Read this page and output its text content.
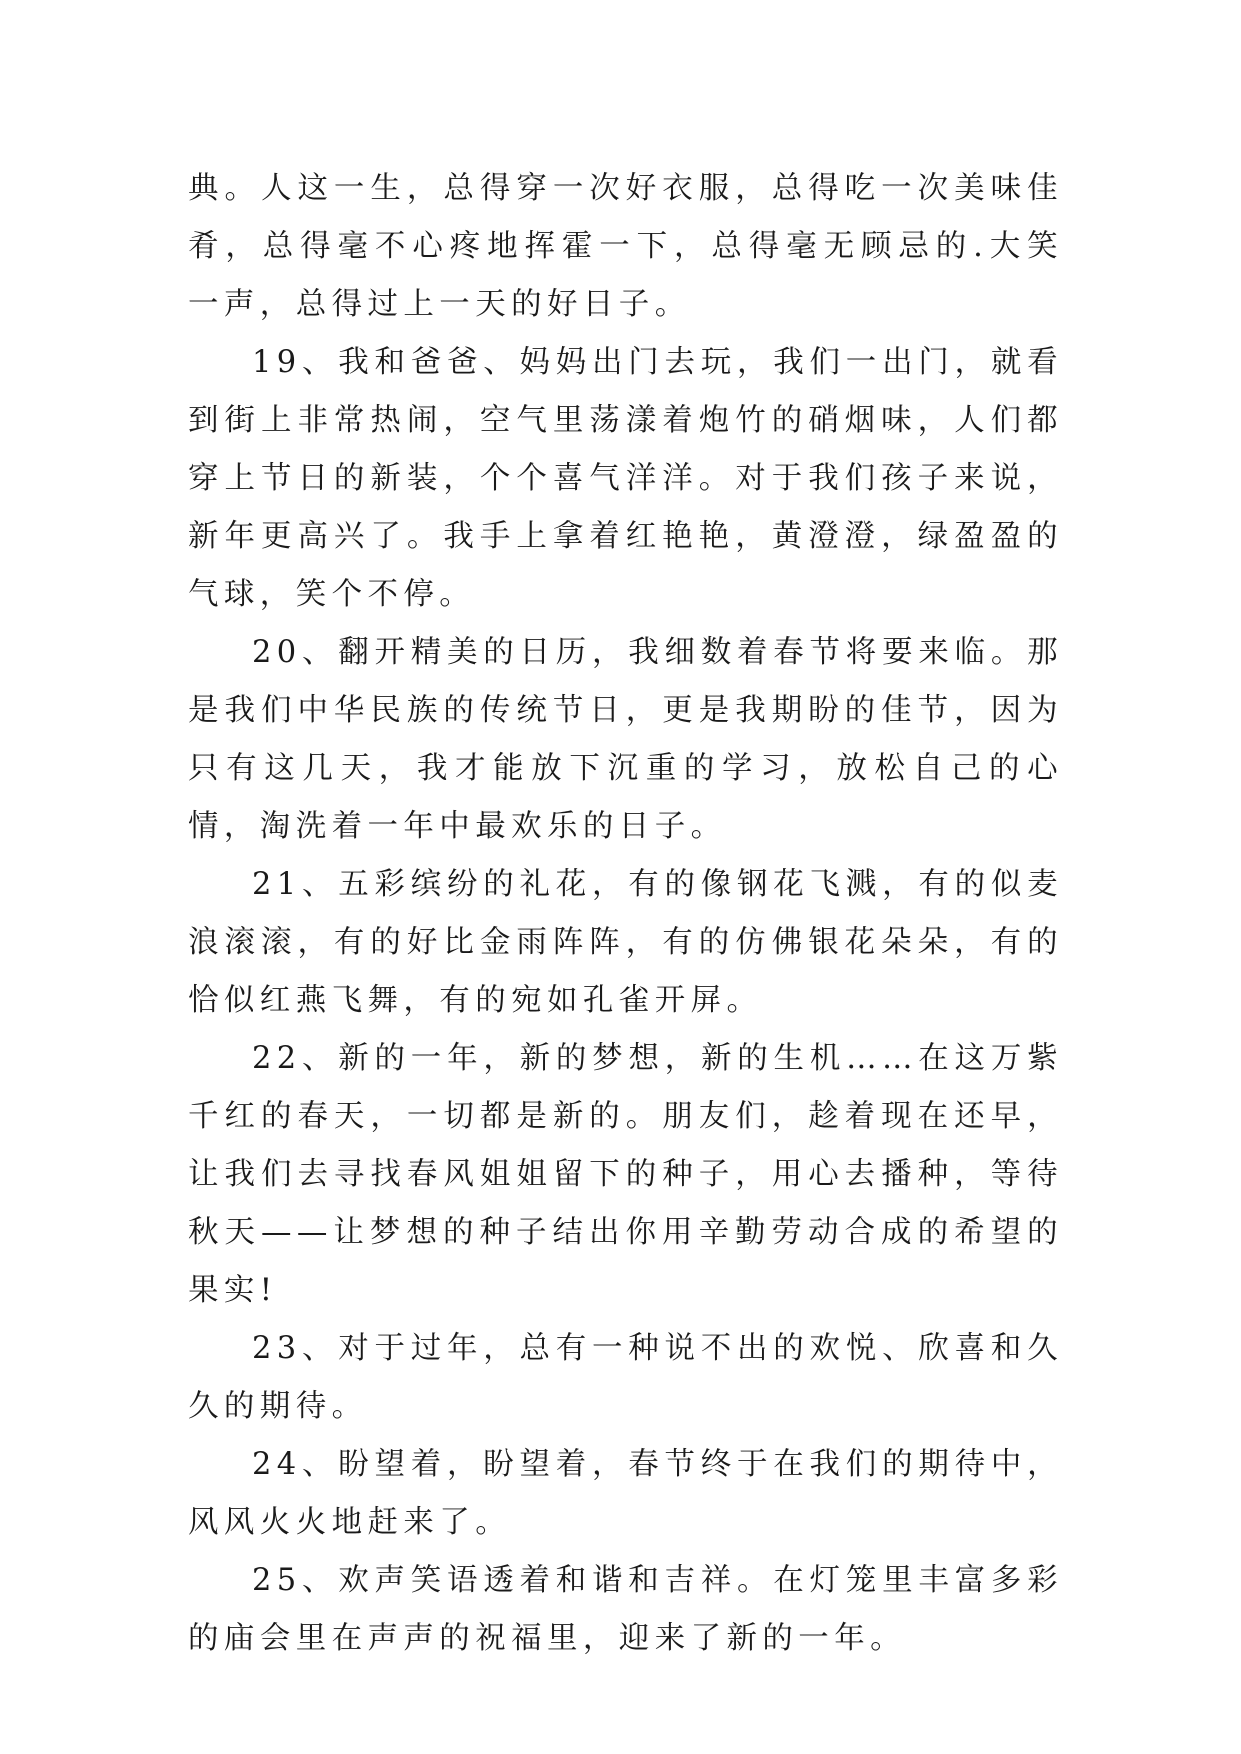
典。人这一生，总得穿一次好衣服，总得吃一次美味佳肴，总得毫不心疼地挥霍一下，总得毫无顾忌的.大笑一声，总得过上一天的好日子。

19、我和爸爸、妈妈出门去玩，我们一出门，就看到街上非常热闹，空气里荡漾着炮竹的硝烟味，人们都穿上节日的新装，个个喜气洋洋。对于我们孩子来说，新年更高兴了。我手上拿着红艳艳，黄澄澄，绿盈盈的气球，笑个不停。

20、翻开精美的日历，我细数着春节将要来临。那是我们中华民族的传统节日，更是我期盼的佳节，因为只有这几天，我才能放下沉重的学习，放松自己的心情，淘洗着一年中最欢乐的日子。

21、五彩缤纷的礼花，有的像钢花飞溅，有的似麦浪滚滚，有的好比金雨阵阵，有的仿佛银花朵朵，有的恰似红燕飞舞，有的宛如孔雀开屏。

22、新的一年，新的梦想，新的生机……在这万紫千红的春天，一切都是新的。朋友们，趁着现在还早，让我们去寻找春风姐姐留下的种子，用心去播种，等待秋天——让梦想的种子结出你用辛勤劳动合成的希望的果实!

23、对于过年，总有一种说不出的欢悦、欣喜和久久的期待。

24、盼望着，盼望着，春节终于在我们的期待中，风风火火地赶来了。

25、欢声笑语透着和谐和吉祥。在灯笼里丰富多彩的庙会里在声声的祝福里，迎来了新的一年。
